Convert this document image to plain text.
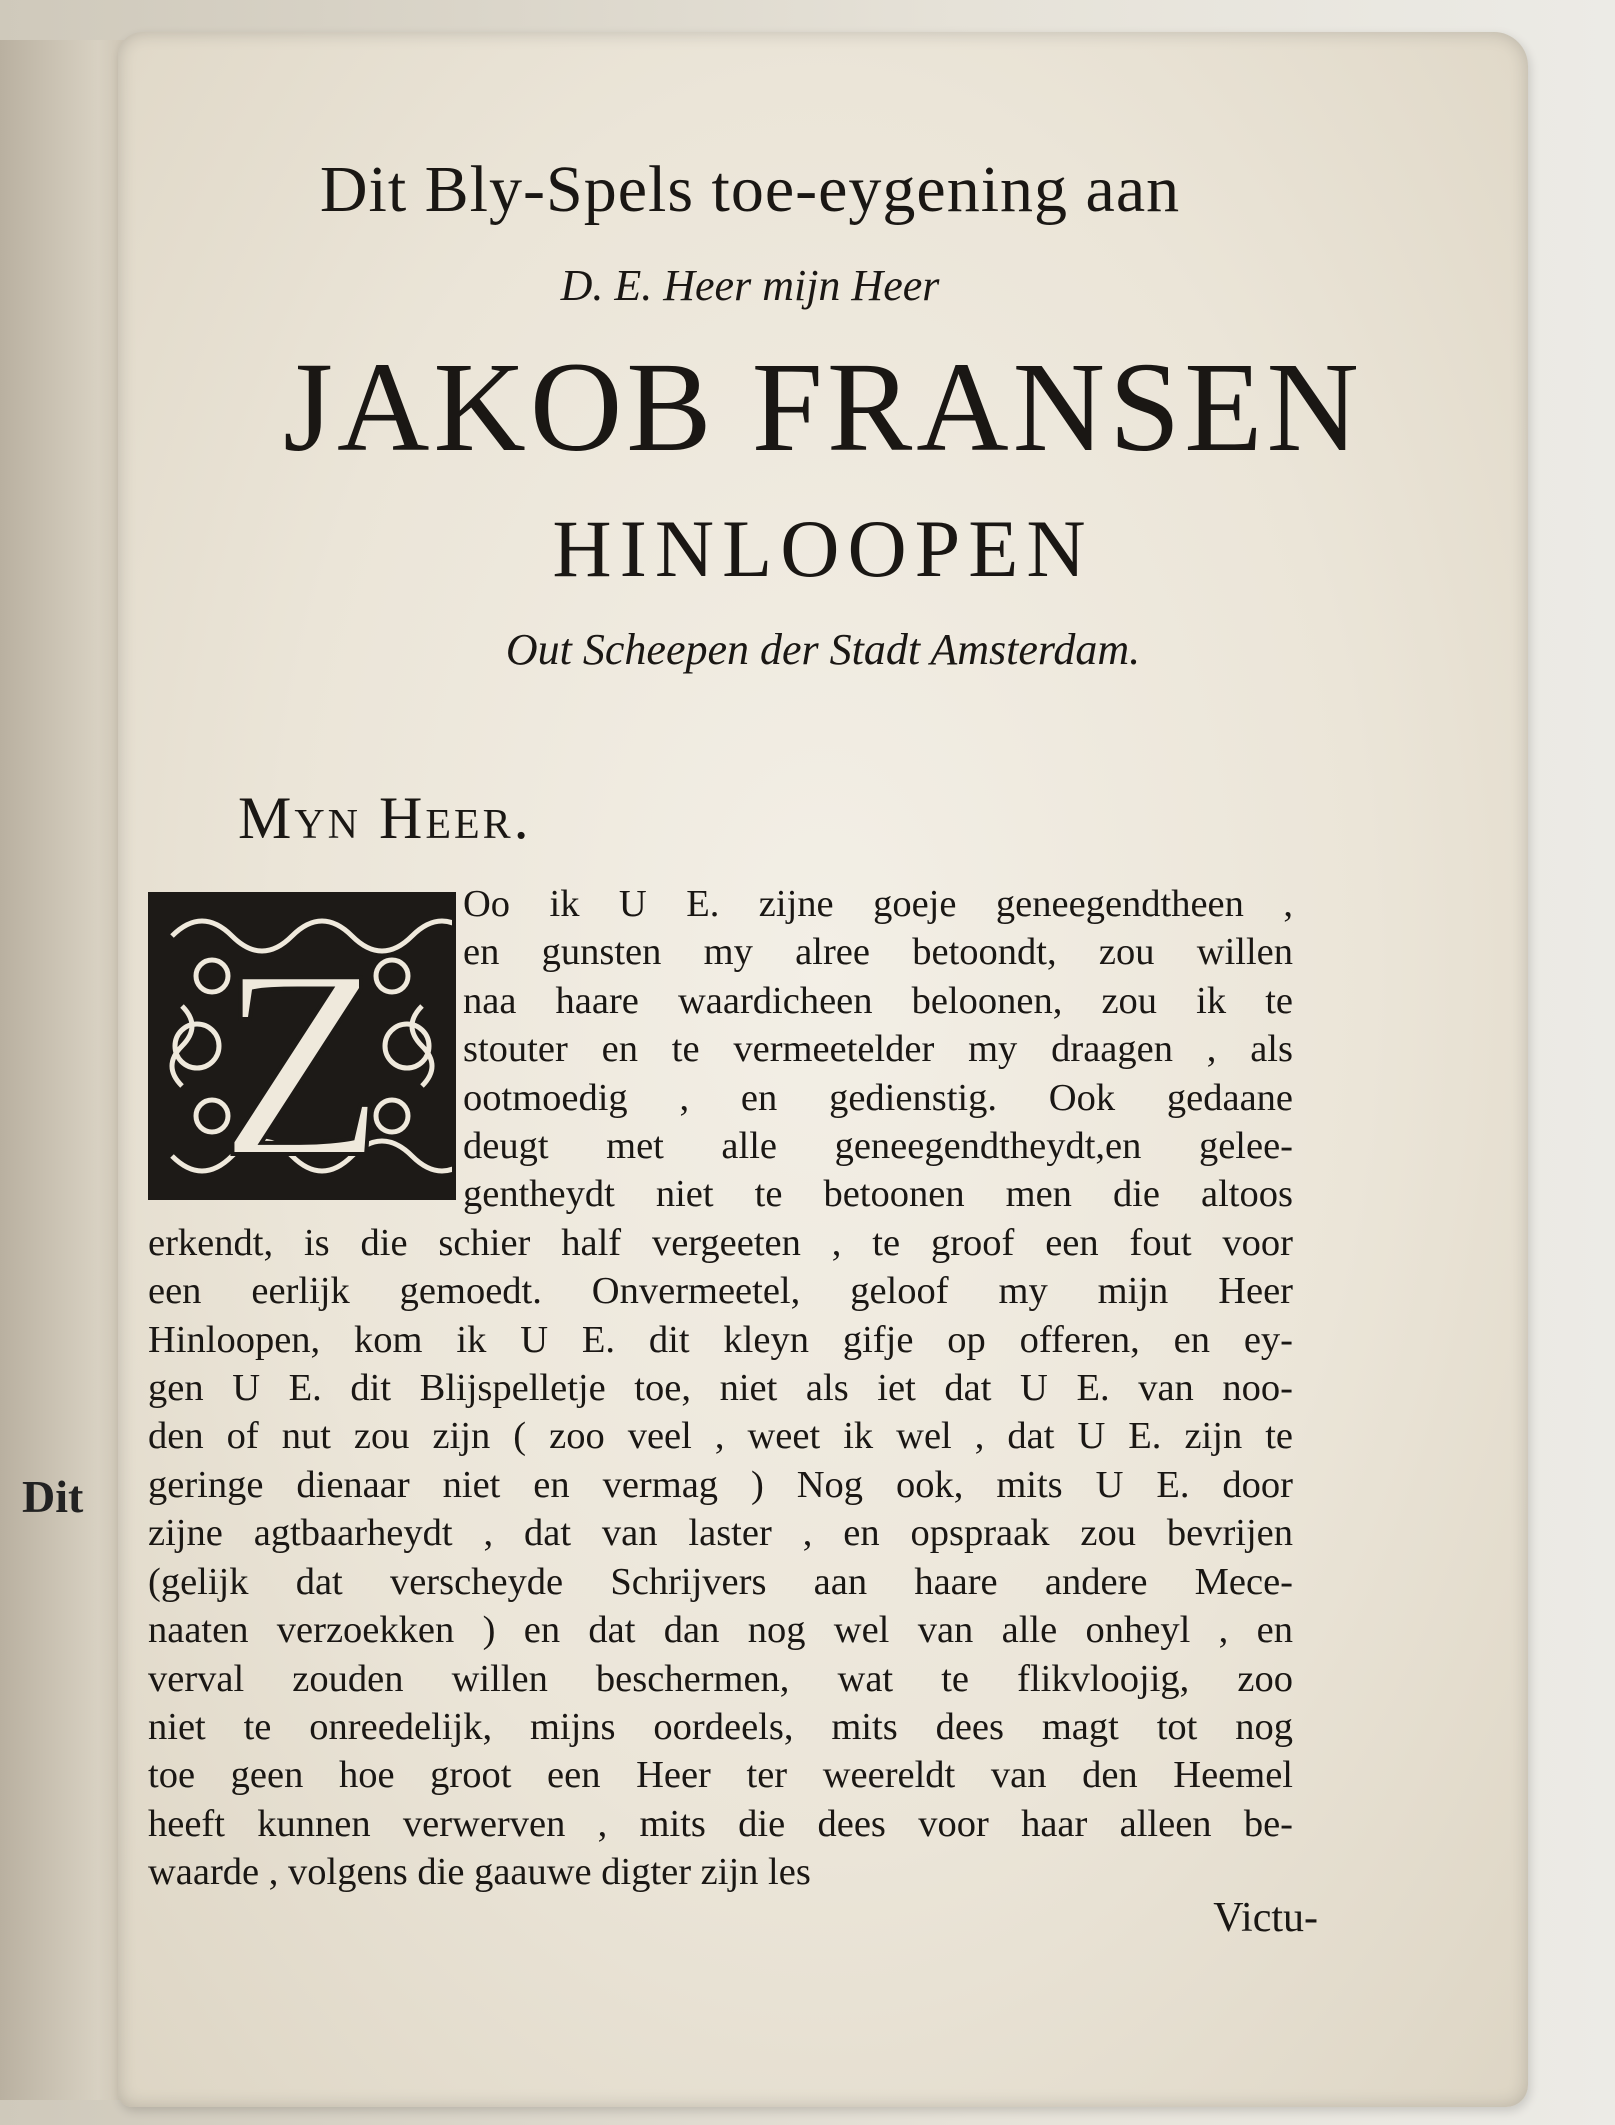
Dit
Dit Bly-Spels toe-eygening aan
D. E. Heer mijn Heer
JAKOB FRANSEN
HINLOOPEN
Out Scheepen der Stadt Amsterdam.
Myn Heer.
Z
Oo ik U E. zijne goeje geneegendtheen ,
en gunsten my alree betoondt, zou willen
naa haare waardicheen beloonen, zou ik te
stouter en te vermeetelder my draagen , als
ootmoedig , en gedienstig. Ook gedaane
deugt met alle geneegendtheydt,en gelee-
gentheydt niet te betoonen men die altoos
erkendt, is die schier half vergeeten , te groof een fout voor
een eerlijk gemoedt. Onvermeetel, geloof my mijn Heer
Hinloopen, kom ik U E. dit kleyn gifje op offeren, en ey-
gen U E. dit Blijspelletje toe, niet als iet dat U E. van noo-
den of nut zou zijn ( zoo veel , weet ik wel , dat U E. zijn te
geringe dienaar niet en vermag ) Nog ook, mits U E. door
zijne agtbaarheydt , dat van laster , en opspraak zou bevrijen
(gelijk dat verscheyde Schrijvers aan haare andere Mece-
naaten verzoekken ) en dat dan nog wel van alle onheyl , en
verval zouden willen beschermen, wat te flikvloojig, zoo
niet te onreedelijk, mijns oordeels, mits dees magt tot nog
toe geen hoe groot een Heer ter weereldt van den Heemel
heeft kunnen verwerven , mits die dees voor haar alleen be-
waarde , volgens die gaauwe digter zijn les
Victu-
